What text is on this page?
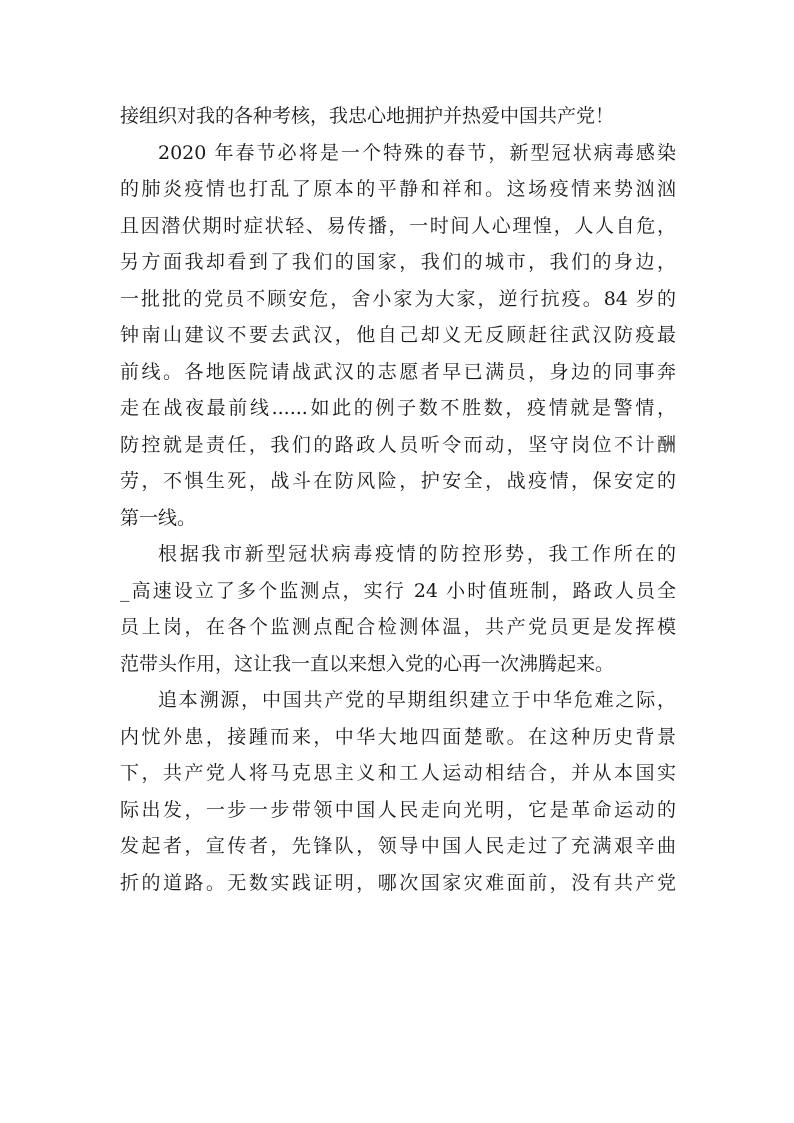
接组织对我的各种考核，我忠心地拥护并热爱中国共产党！
2020 年春节必将是一个特殊的春节，新型冠状病毒感染
的肺炎疫情也打乱了原本的平静和祥和。这场疫情来势汹汹
且因潜伏期时症状轻、易传播，一时间人心理惶，人人自危，
另方面我却看到了我们的国家，我们的城市，我们的身边，
一批批的党员不顾安危，舍小家为大家，逆行抗疫。84 岁的
钟南山建议不要去武汉，他自己却义无反顾赶往武汉防疫最
前线。各地医院请战武汉的志愿者早已满员，身边的同事奔
走在战夜最前线......如此的例子数不胜数，疫情就是警情，
防控就是责任，我们的路政人员听令而动，坚守岗位不计酬
劳，不惧生死，战斗在防风险，护安全，战疫情，保安定的
第一线。
根据我市新型冠状病毒疫情的防控形势，我工作所在的
_高速设立了多个监测点，实行 24 小时值班制，路政人员全
员上岗，在各个监测点配合检测体温，共产党员更是发挥模
范带头作用，这让我一直以来想入党的心再一次沸腾起来。
追本溯源，中国共产党的早期组织建立于中华危难之际，
内忧外患，接踵而来，中华大地四面楚歌。在这种历史背景
下，共产党人将马克思主义和工人运动相结合，并从本国实
际出发，一步一步带领中国人民走向光明，它是革命运动的
发起者，宣传者，先锋队，领导中国人民走过了充满艰辛曲
折的道路。无数实践证明，哪次国家灾难面前，没有共产党
